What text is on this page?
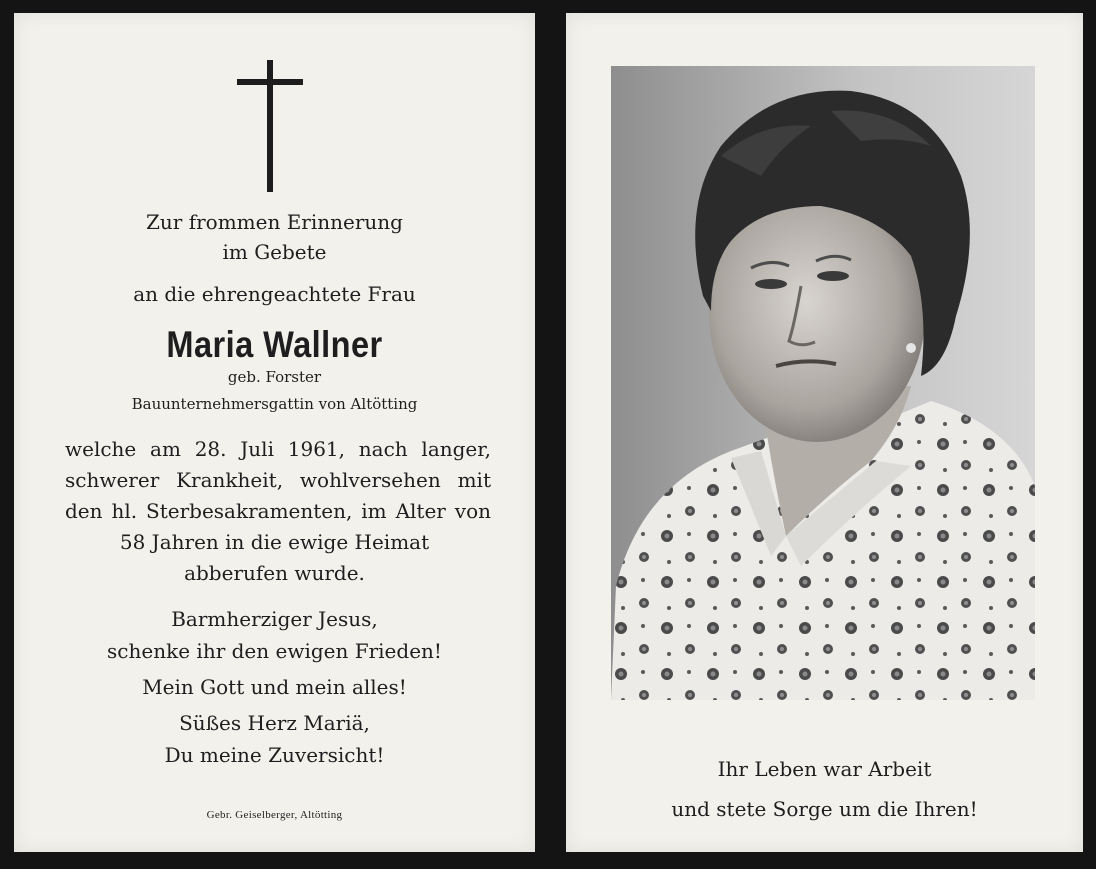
Zur frommen Erinnerung
im Gebete
an die ehrengeachtete Frau
Maria Wallner
geb. Forster
Bauunternehmersgattin von Altötting
welche am 28. Juli 1961, nach langer,
schwerer Krankheit, wohlversehen mit
den hl. Sterbesakramenten, im Alter von
58 Jahren in die ewige Heimat
abberufen wurde.
Barmherziger Jesus,
schenke ihr den ewigen Frieden!
Mein Gott und mein alles!
Süßes Herz Mariä,
Du meine Zuversicht!
Gebr. Geiselberger, Altötting
Ihr Leben war Arbeit
und stete Sorge um die Ihren!
